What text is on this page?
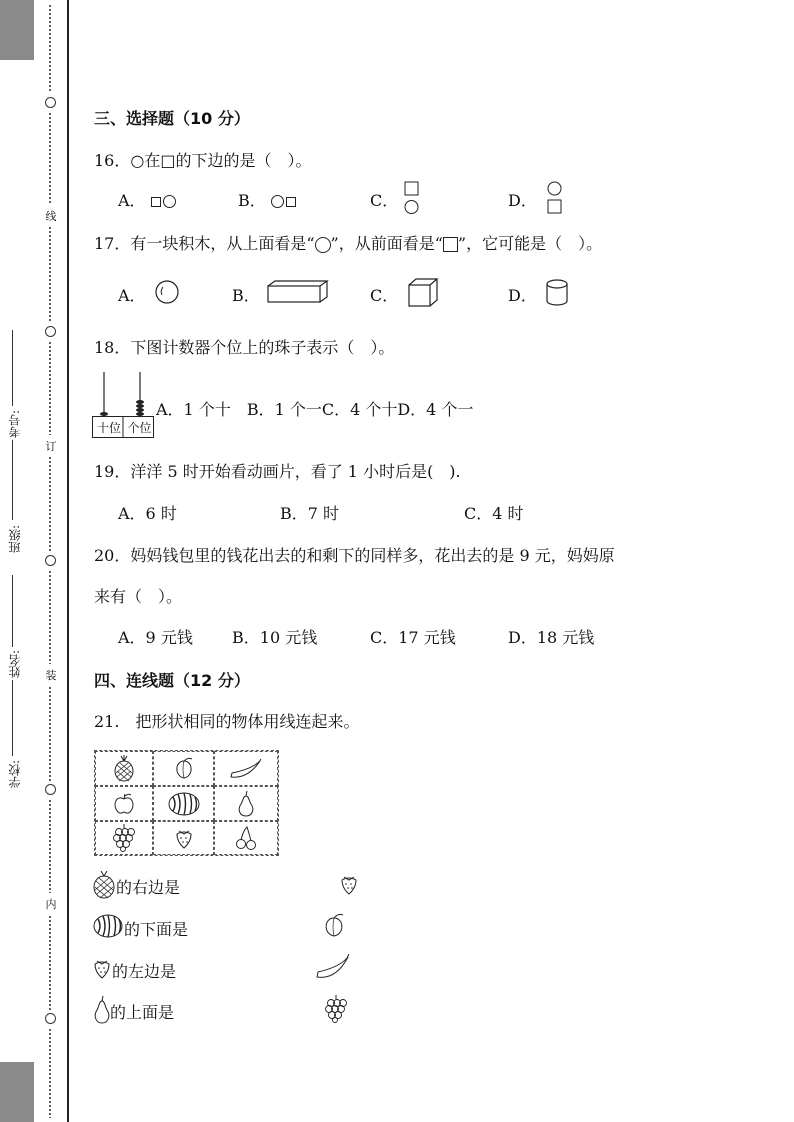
学校:
姓名:
班级:
考号:
线
订
装
内
三、选择题（10 分）
16．○在□的下边的是（　）。
A．	B．	C．	D．
17．有一块积木，从上面看是“ ”，从前面看是“ ”，它可能是（　）。
A．	B．	C．	D．
18．下图计数器个位上的珠子表示（　）。
十位 个位
A．1 个十　B．1 个一C．4 个十D．4 个一
19．洋洋 5 时开始看动画片，看了 1 小时后是(　).
A．6 时	B．7 时	C．4 时
20．妈妈钱包里的钱花出去的和剩下的同样多，花出去的是 9 元，妈妈原
来有（　）。
A．9 元钱 B．10 元钱	C．17 元钱	D．18 元钱
四、连线题（12 分）
21.　把形状相同的物体用线连起来。
的右边是
的下面是
的左边是
的上面是
